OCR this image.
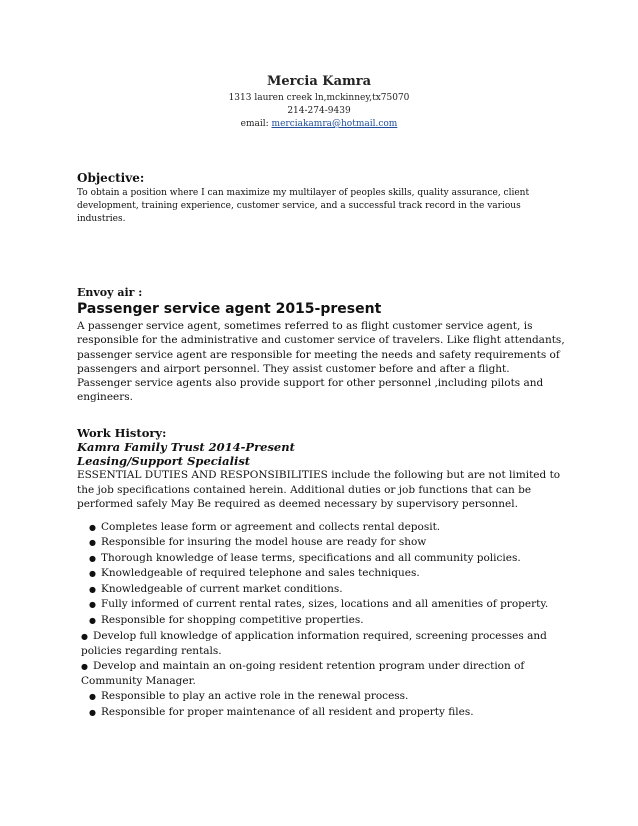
Mercia Kamra
1313 lauren creek ln,mckinney,tx75070
214-274-9439
email: merciakamra@hotmail.com
Objective:
To obtain a position where I can maximize my multilayer of peoples skills, quality assurance, client development, training experience, customer service, and a successful track record in the various industries.
Envoy air :
Passenger service agent 2015-present
A passenger service agent, sometimes referred to as flight customer service agent, is responsible for the administrative and customer service of travelers. Like flight attendants, passenger service agent are responsible for meeting the needs and safety requirements of passengers and airport personnel. They assist customer before and after a flight. Passenger service agents also provide support for other personnel ,including pilots and engineers.
Work History:
Kamra Family Trust 2014-Present
Leasing/Support Specialist
ESSENTIAL DUTIES AND RESPONSIBILITIES include the following but are not limited to the job specifications contained herein. Additional duties or job functions that can be performed safely May Be required as deemed necessary by supervisory personnel.
● Completes lease form or agreement and collects rental deposit.
● Responsible for insuring the model house are ready for show
● Thorough knowledge of lease terms, specifications and all community policies.
● Knowledgeable of required telephone and sales techniques.
● Knowledgeable of current market conditions.
● Fully informed of current rental rates, sizes, locations and all amenities of property.
● Responsible for shopping competitive properties.
● Develop full knowledge of application information required, screening processes and policies regarding rentals.
● Develop and maintain an on-going resident retention program under direction of Community Manager.
● Responsible to play an active role in the renewal process.
● Responsible for proper maintenance of all resident and property files.
